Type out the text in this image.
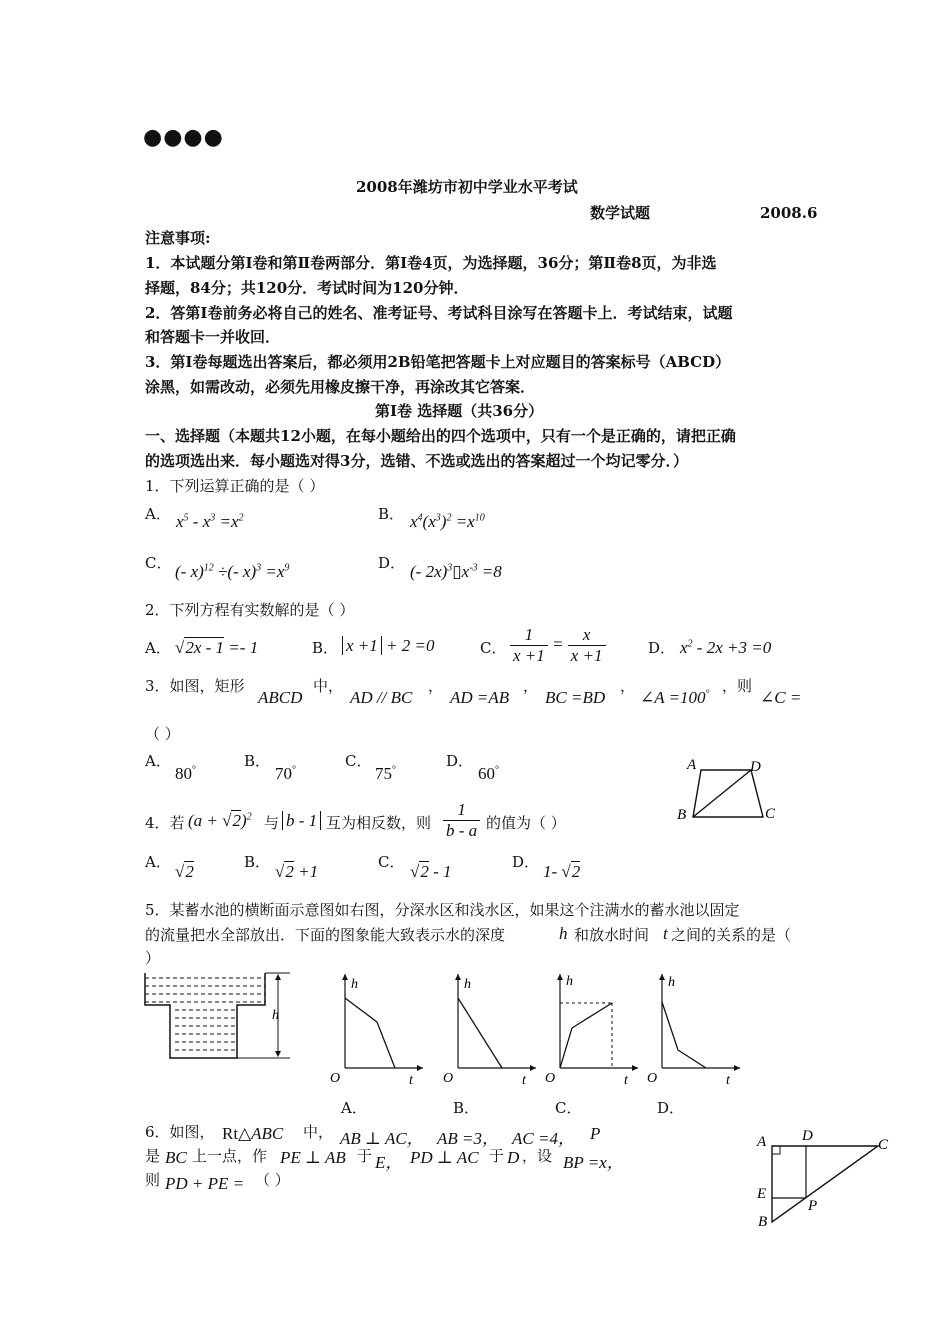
●●●●
2008年潍坊市初中学业水平考试
数学试题	2008.6
注意事项:
1．本试题分第Ⅰ卷和第Ⅱ卷两部分．第Ⅰ卷4页，为选择题，36分；第Ⅱ卷8页，为非选
择题，84分；共120分．考试时间为120分钟．
2．答第Ⅰ卷前务必将自己的姓名、准考证号、考试科目涂写在答题卡上．考试结束，试题
和答题卡一并收回．
3．第Ⅰ卷每题选出答案后，都必须用2B铅笔把答题卡上对应题目的答案标号（ABCD）
涂黑，如需改动，必须先用橡皮擦干净，再涂改其它答案．
第Ⅰ卷 选择题（共36分）
一、选择题（本题共12小题，在每小题给出的四个选项中，只有一个是正确的，请把正确
的选项选出来．每小题选对得3分，选错、不选或选出的答案超过一个均记零分．）
1．下列运算正确的是（ ）
A． $x^5 - x^3 =x^2$	B． $x^4(x^3)^2 =x^{10}$
C． (- x)$^{12}$ ÷(- $x)^3 =x^9$	D． (- $2x)^3▯x^{-3} =8$
2．下列方程有实数解的是（ ）
A． √2x - 1 =- 1	B． x +1 + 2 =0	C． $\frac{1}{x +1} = \frac{x}{x +1}$	D． $x^2 - 2x +3 =0$
3．如图，矩形
ABCD
中，
AD // BC
，
AD =AB
，
BC =BD
，
∠A =100° ，则
∠C =
（ ）
A．
80°	B．
70°	C．
75°	D．
60°	A	D
B	C
4．若 $(a + √2)^2$ 与 b - 1 互为相反数，则 $\frac{1}{b - a}$ 的值为（ ）
A． √2	B． √2 +1	C． √2 - 1	D． 1- √2
5．某蓄水池的横断面示意图如右图，分深水区和浅水区，如果这个注满水的蓄水池以固定
的流量把水全部放出．下面的图象能大致表示水的深度	h 和放水时间 t 之间的关系的是（
）
h
h
O	t
h
O	t
h
O	t
h
O	t
A．	B．	C．	D．
6．如图， Rt△ABC 中， AB ⊥ AC， AB =3， AC =4， P
是 BC 上一点，作 PE ⊥ AB 于 E， PD ⊥ AC 于 D ，设 BP =x，
则 PD + PE = （ ）
A D
C
E
P
B
